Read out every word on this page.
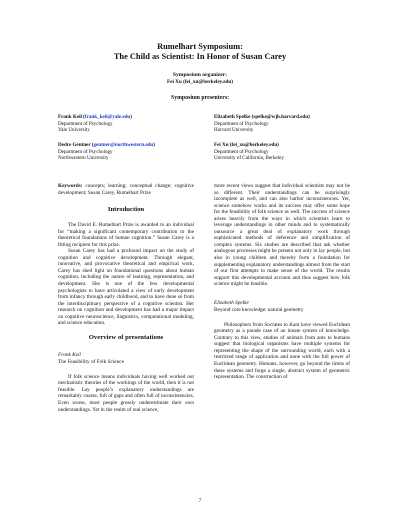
Rumelhart Symposium:
The Child as Scientist: In Honor of Susan Carey
Symposium organizer:
Fei Xu (fei_xu@berkeley.edu)
Symposium presenters:
Frank Keil (frank_keil@yale.edu)
Department of Psychology
Yale University
Elizabeth Spelke (spelke@wjh.harvard.edu)
Department of Psychology
Harvard University
Dedre Gentner (gentner@northwestern.edu)
Department of Psychology
Northwestern University
Fei Xu (fei_xu@berkeley.edu)
Department of Psychology
University of California, Berkeley
Keywords: concepts; learning; conceptual change; cognitive development; Susan Carey, Rumelhart Prize
Introduction

The David E. Rumelhart Prize is awarded to an individual for “making a significant contemporary contribution to the theoretical foundations of human cognition.” Susan Carey is a fitting recipient for this prize.

Susan Carey has had a profound impact on the study of cognition and cognitive development. Through elegant, innovative, and provocative theoretical and empirical work, Carey has shed light on foundational questions about human cognition, including the nature of learning, representation, and development. She is one of the few developmental psychologists to have articulated a view of early development from infancy through early childhood, and to have done so from the interdisciplinary perspective of a cognitive scientist. Her research on cognition and development has had a major impact on cognitive neuroscience, linguistics, computational modeling, and science education.

Overview of presentations
Frank Keil
The Feasibility of Folk Science

If folk science means individuals having well worked out mechanistic theories of the workings of the world, then it is not feasible. Lay people’s explanatory understandings are remarkably coarse, full of gaps and often full of inconsistencies. Even worse, most people grossly underestimate their own understandings. Yet in the realm of real science,

more recent views suggest that individual scientists may not be so different. Their understandings can be surprisingly incomplete as well, and can also harbor inconsistencies. Yet, science somehow works and its success may offer some hope for the feasibility of folk science as well. The success of science arises heavily from the ways in which scientists learn to leverage understandings in other minds and to systematically outsource a great deal of explanatory work through sophisticated methods of deference and simplification of complex systems. Six studies are described that ask whether analogous processes might be present not only in lay people, but also in young children and thereby form a foundation for supplementing explanatory understandings almost from the start of our first attempts to make sense of the world. The results support this developmental account and thus suggest how folk science might be feasible.

Elizabeth Spelke
Beyond core knowledge: natural geometry

Philosophers from Socrates to Kant have viewed Euclidean geometry as a parade case of an innate system of knowledge. Contrary to this view, studies of animals from ants to humans suggest that biological organisms have multiple systems for representing the shape of the surrounding world, each with a restricted range of application and none with the full power of Euclidean geometry. Humans, however, go beyond the limits of these systems and forge a single, abstract system of geometric representation. The construction of

7
